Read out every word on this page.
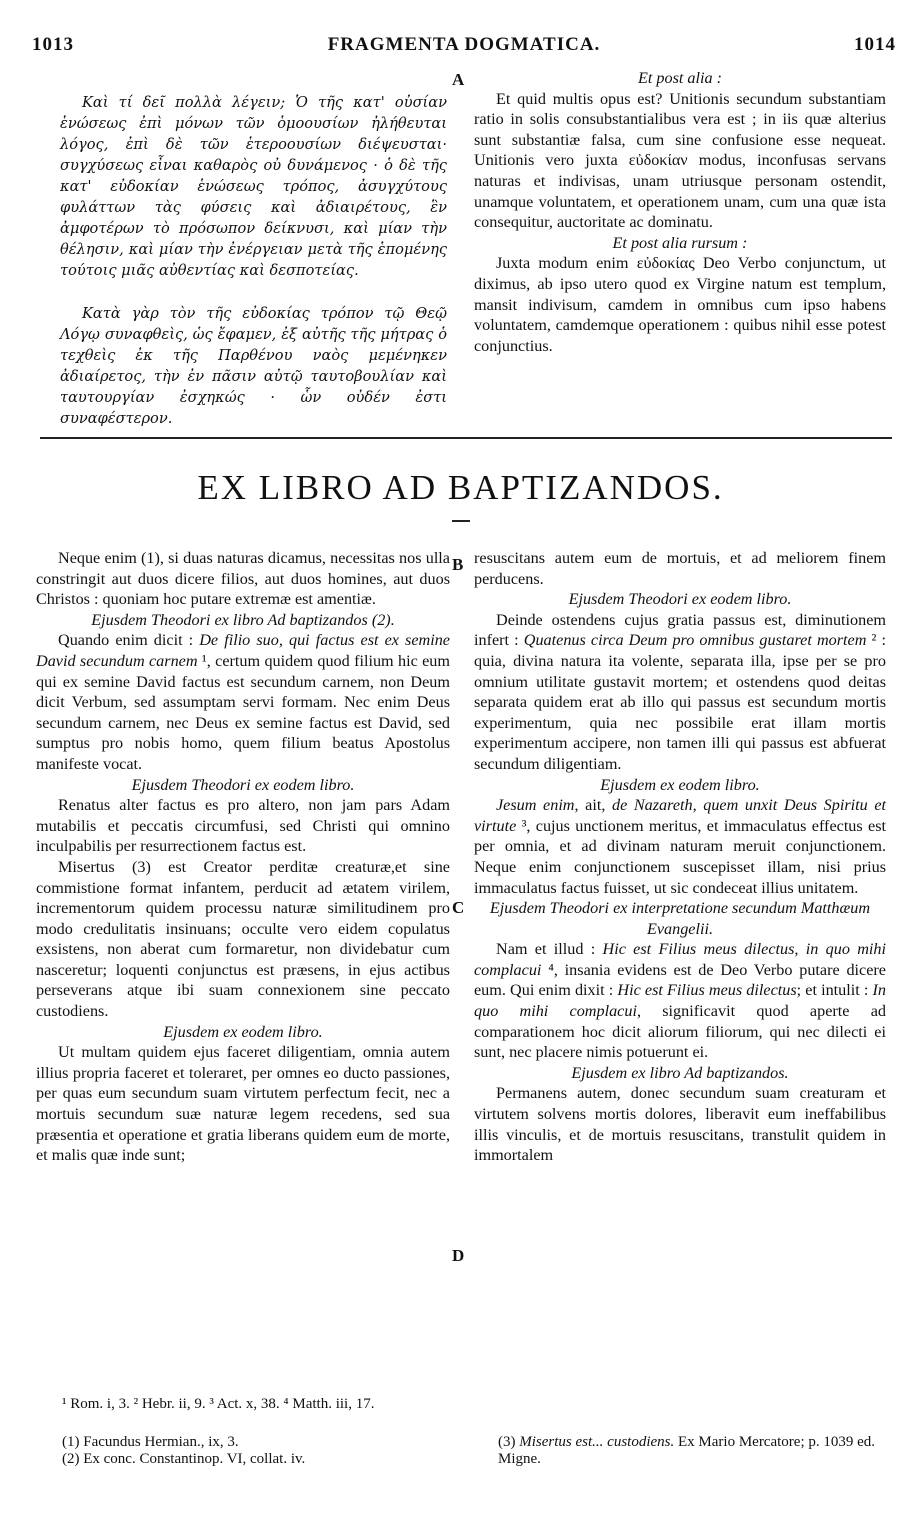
1013	FRAGMENTA DOGMATICA.	1014
A
B
C
D

Καὶ τί δεῖ πολλὰ λέγειν; Ὁ τῆς κατ' οὐσίαν ἑνώσεως ἐπὶ μόνων τῶν ὁμοουσίων ἠλήθευται λόγος, ἐπὶ δὲ τῶν ἑτεροουσίων διέψευσται· συγχύσεως εἶναι καθαρὸς οὐ δυνάμενος · ὁ δὲ τῆς κατ' εὐδοκίαν ἑνώσεως τρόπος, ἀσυγχύτους φυλάττων τὰς φύσεις καὶ ἀδιαιρέτους, ἓν ἀμφοτέρων τὸ πρόσωπον δείκνυσι, καὶ μίαν τὴν θέλησιν, καὶ μίαν τὴν ἐνέργειαν μετὰ τῆς ἑπομένης τούτοις μιᾶς αὐθεντίας καὶ δεσποτείας.

Κατὰ γὰρ τὸν τῆς εὐδοκίας τρόπον τῷ Θεῷ Λόγῳ συναφθεὶς, ὡς ἔφαμεν, ἐξ αὐτῆς τῆς μήτρας ὁ τεχθεὶς ἐκ τῆς Παρθένου ναὸς μεμένηκεν ἀδιαίρετος, τὴν ἐν πᾶσιν αὐτῷ ταυτοβουλίαν καὶ ταυτουργίαν ἐσχηκώς · ὧν οὐδέν ἐστι συναφέστερον.

Et post alia :

Et quid multis opus est? Unitionis secundum substantiam ratio in solis consubstantialibus vera est ; in iis quæ alterius sunt substantiæ falsa, cum sine confusione esse nequeat. Unitionis vero juxta εὐδοκίαν modus, inconfusas servans naturas et indivisas, unam utriusque personam ostendit, unamque voluntatem, et operationem unam, cum una quæ ista consequitur, auctoritate ac dominatu.

Et post alia rursum :

Juxta modum enim εὐδοκίας Deo Verbo conjunctum, ut diximus, ab ipso utero quod ex Virgine natum est templum, mansit indivisum, camdem in omnibus cum ipso habens voluntatem, camdemque operationem : quibus nihil esse potest conjunctius.

EX LIBRO AD BAPTIZANDOS.

Neque enim (1), si duas naturas dicamus, necessitas nos ulla constringit aut duos dicere filios, aut duos homines, aut duos Christos : quoniam hoc putare extremæ est amentiæ.

Ejusdem Theodori ex libro Ad baptizandos (2).

Quando enim dicit : De filio suo, qui factus est ex semine David secundum carnem ¹, certum quidem quod filium hic eum qui ex semine David factus est secundum carnem, non Deum dicit Verbum, sed assumptam servi formam. Nec enim Deus secundum carnem, nec Deus ex semine factus est David, sed sumptus pro nobis homo, quem filium beatus Apostolus manifeste vocat.

Ejusdem Theodori ex eodem libro.

Renatus alter factus es pro altero, non jam pars Adam mutabilis et peccatis circumfusi, sed Christi qui omnino inculpabilis per resurrectionem factus est.

Misertus (3) est Creator perditæ creaturæ,et sine commistione format infantem, perducit ad ætatem virilem, incrementorum quidem processu naturæ similitudinem pro modo credulitatis insinuans; occulte vero eidem copulatus exsistens, non aberat cum formaretur, non dividebatur cum nasceretur; loquenti conjunctus est præsens, in ejus actibus perseverans atque ibi suam connexionem sine peccato custodiens.

Ejusdem ex eodem libro.

Ut multam quidem ejus faceret diligentiam, omnia autem illius propria faceret et toleraret, per omnes eo ducto passiones, per quas eum secundum suam virtutem perfectum fecit, nec a mortuis secundum suæ naturæ legem recedens, sed sua præsentia et operatione et gratia liberans quidem eum de morte, et malis quæ inde sunt;

resuscitans autem eum de mortuis, et ad meliorem finem perducens.

Ejusdem Theodori ex eodem libro.

Deinde ostendens cujus gratia passus est, diminutionem infert : Quatenus circa Deum pro omnibus gustaret mortem ² : quia, divina natura ita volente, separata illa, ipse per se pro omnium utilitate gustavit mortem; et ostendens quod deitas separata quidem erat ab illo qui passus est secundum mortis experimentum, quia nec possibile erat illam mortis experimentum accipere, non tamen illi qui passus est abfuerat secundum diligentiam.

Ejusdem ex eodem libro.

Jesum enim, ait, de Nazareth, quem unxit Deus Spiritu et virtute ³, cujus unctionem meritus, et immaculatus effectus est per omnia, et ad divinam naturam meruit conjunctionem. Neque enim conjunctionem suscepisset illam, nisi prius immaculatus factus fuisset, ut sic condeceat illius unitatem.

Ejusdem Theodori ex interpretatione secundum Matthæum Evangelii.

Nam et illud : Hic est Filius meus dilectus, in quo mihi complacui ⁴, insania evidens est de Deo Verbo putare dicere eum. Qui enim dixit : Hic est Filius meus dilectus; et intulit : In quo mihi complacui, significavit quod aperte ad comparationem hoc dicit aliorum filiorum, qui nec dilecti ei sunt, nec placere nimis potuerunt ei.

Ejusdem ex libro Ad baptizandos.

Permanens autem, donec secundum suam creaturam et virtutem solvens mortis dolores, liberavit eum ineffabilibus illis vinculis, et de mortuis resuscitans, transtulit quidem in immortalem

¹ Rom. i, 3. ² Hebr. ii, 9. ³ Act. x, 38. ⁴ Matth. iii, 17.
(1) Facundus Hermian., ix, 3.
(2) Ex conc. Constantinop. VI, collat. iv.
(3) Misertus est... custodiens. Ex Mario Mercatore; p. 1039 ed. Migne.
